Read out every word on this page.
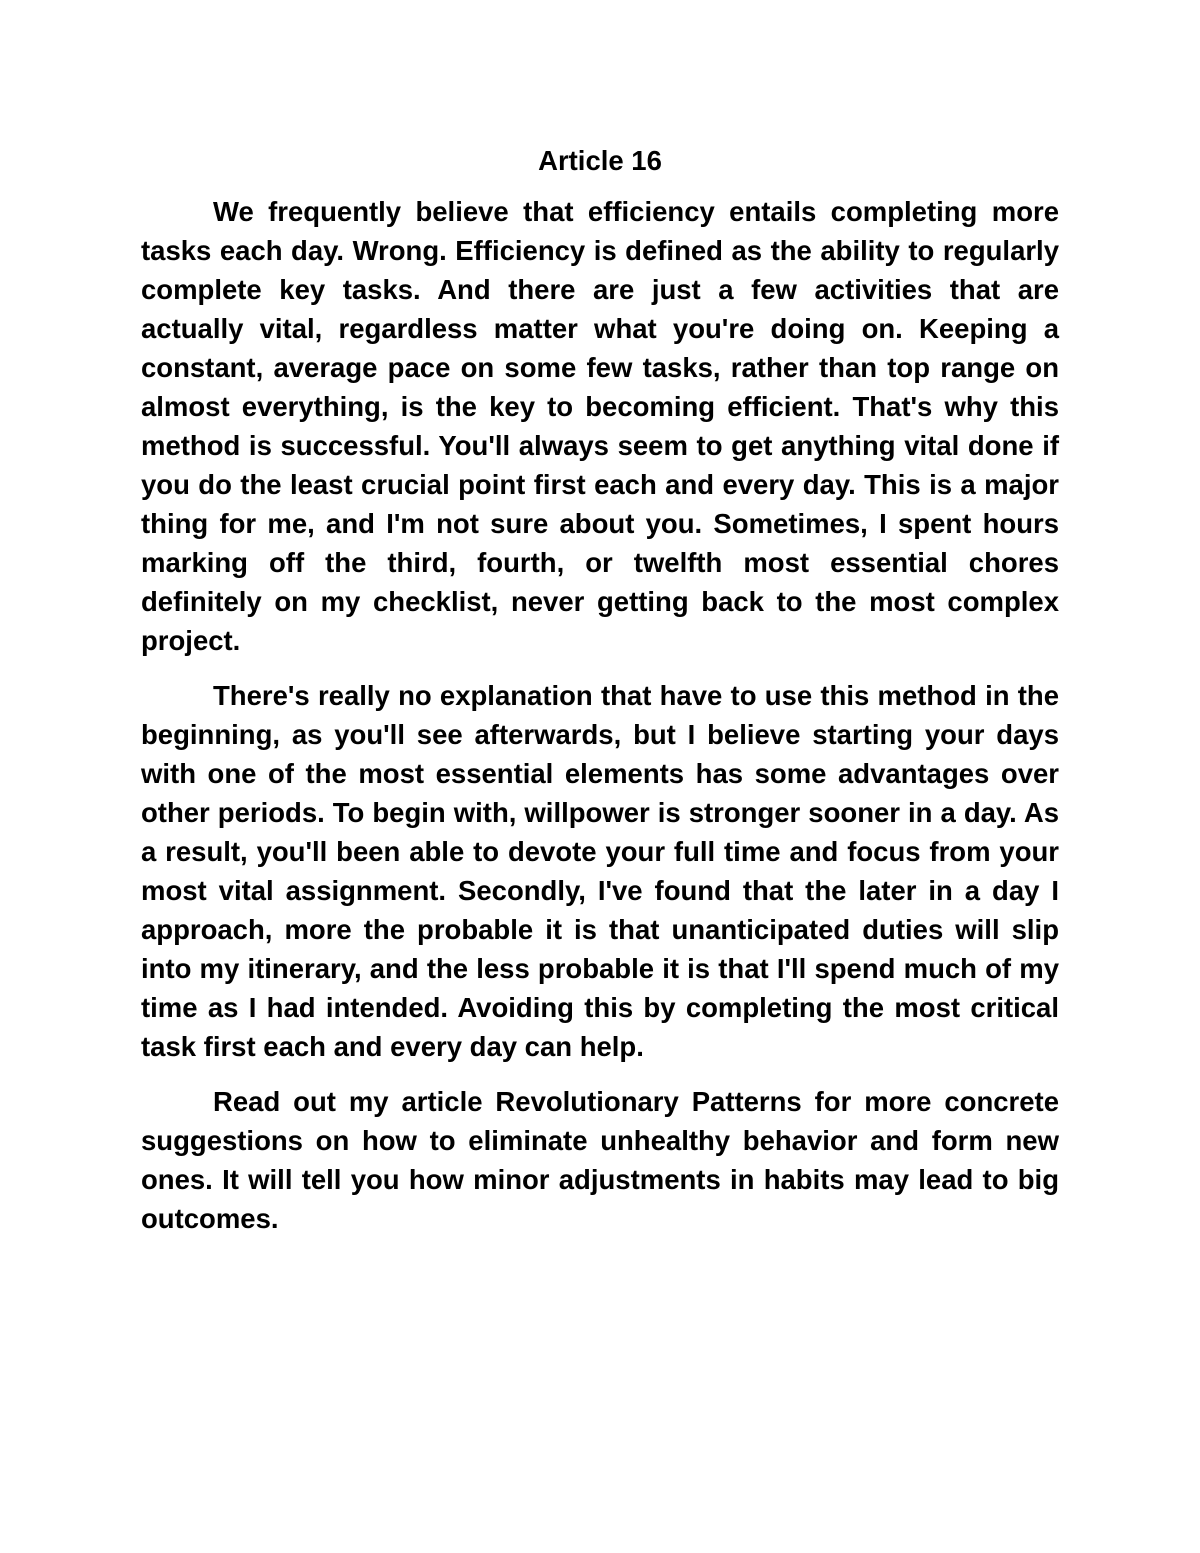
Article 16

We frequently believe that efficiency entails completing more tasks each day. Wrong. Efficiency is defined as the ability to regularly complete key tasks. And there are just a few activities that are actually vital, regardless matter what you're doing on. Keeping a constant, average pace on some few tasks, rather than top range on almost everything, is the key to becoming efficient. That's why this method is successful. You'll always seem to get anything vital done if you do the least crucial point first each and every day. This is a major thing for me, and I'm not sure about you. Sometimes, I spent hours marking off the third, fourth, or twelfth most essential chores definitely on my checklist, never getting back to the most complex project.

There's really no explanation that have to use this method in the beginning, as you'll see afterwards, but I believe starting your days with one of the most essential elements has some advantages over other periods. To begin with, willpower is stronger sooner in a day. As a result, you'll been able to devote your full time and focus from your most vital assignment. Secondly, I've found that the later in a day I approach, more the probable it is that unanticipated duties will slip into my itinerary, and the less probable it is that I'll spend much of my time as I had intended. Avoiding this by completing the most critical task first each and every day can help.

Read out my article Revolutionary Patterns for more concrete suggestions on how to eliminate unhealthy behavior and form new ones. It will tell you how minor adjustments in habits may lead to big outcomes.
